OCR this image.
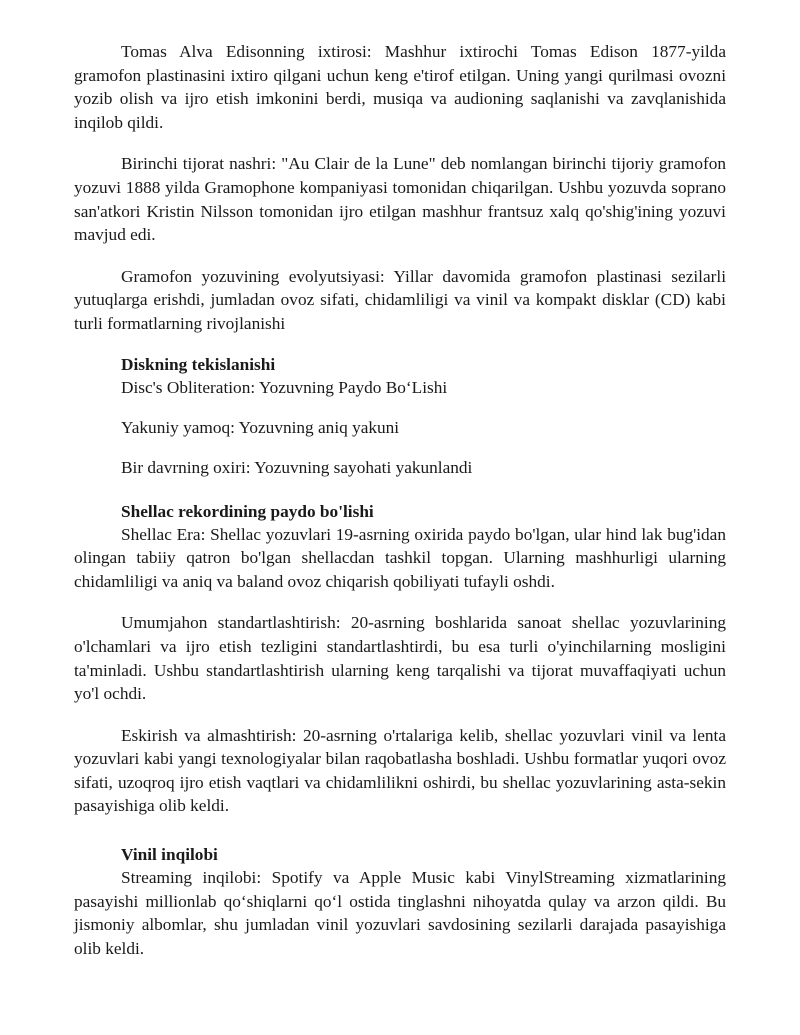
Tomas Alva Edisonning ixtirosi: Mashhur ixtirochi Tomas Edison 1877-yilda gramofon plastinasini ixtiro qilgani uchun keng e'tirof etilgan. Uning yangi qurilmasi ovozni yozib olish va ijro etish imkonini berdi, musiqa va audioning saqlanishi va zavqlanishida inqilob qildi.

Birinchi tijorat nashri: "Au Clair de la Lune" deb nomlangan birinchi tijoriy gramofon yozuvi 1888 yilda Gramophone kompaniyasi tomonidan chiqarilgan. Ushbu yozuvda soprano san'atkori Kristin Nilsson tomonidan ijro etilgan mashhur frantsuz xalq qo'shig'ining yozuvi mavjud edi.

Gramofon yozuvining evolyutsiyasi: Yillar davomida gramofon plastinasi sezilarli yutuqlarga erishdi, jumladan ovoz sifati, chidamliligi va vinil va kompakt disklar (CD) kabi turli formatlarning rivojlanishi

Diskning tekislanishi

Disc's Obliteration: Yozuvning Paydo Bo‘Lishi

Yakuniy yamoq: Yozuvning aniq yakuni

Bir davrning oxiri: Yozuvning sayohati yakunlandi

Shellac rekordining paydo bo'lishi

Shellac Era: Shellac yozuvlari 19-asrning oxirida paydo bo'lgan, ular hind lak bug'idan olingan tabiiy qatron bo'lgan shellacdan tashkil topgan. Ularning mashhurligi ularning chidamliligi va aniq va baland ovoz chiqarish qobiliyati tufayli oshdi.

Umumjahon standartlashtirish: 20-asrning boshlarida sanoat shellac yozuvlarining o'lchamlari va ijro etish tezligini standartlashtirdi, bu esa turli o'yinchilarning mosligini ta'minladi. Ushbu standartlashtirish ularning keng tarqalishi va tijorat muvaffaqiyati uchun yo'l ochdi.

Eskirish va almashtirish: 20-asrning o'rtalariga kelib, shellac yozuvlari vinil va lenta yozuvlari kabi yangi texnologiyalar bilan raqobatlasha boshladi. Ushbu formatlar yuqori ovoz sifati, uzoqroq ijro etish vaqtlari va chidamlilikni oshirdi, bu shellac yozuvlarining asta-sekin pasayishiga olib keldi.

Vinil inqilobi

Streaming inqilobi: Spotify va Apple Music kabi VinylStreaming xizmatlarining pasayishi millionlab qo‘shiqlarni qo‘l ostida tinglashni nihoyatda qulay va arzon qildi. Bu jismoniy albomlar, shu jumladan vinil yozuvlari savdosining sezilarli darajada pasayishiga olib keldi.
